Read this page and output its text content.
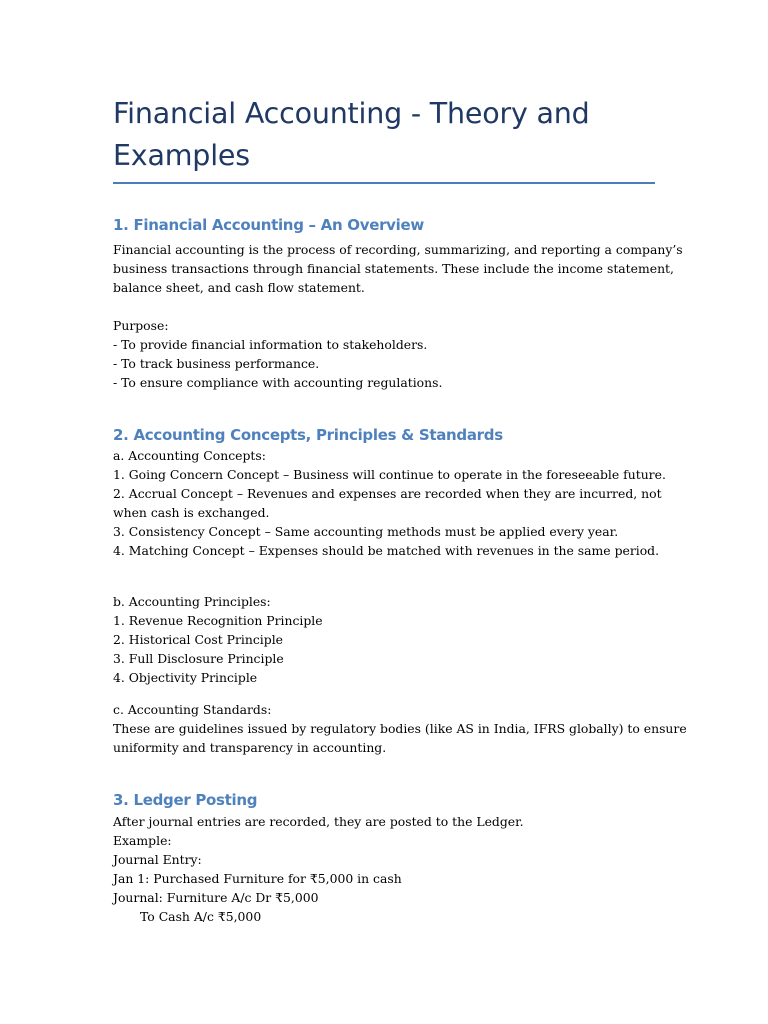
Financial Accounting - Theory and
Examples
1. Financial Accounting – An Overview

Financial accounting is the process of recording, summarizing, and reporting a company’s
business transactions through financial statements. These include the income statement,
balance sheet, and cash flow statement.

Purpose:
- To provide financial information to stakeholders.
- To track business performance.
- To ensure compliance with accounting regulations.

2. Accounting Concepts, Principles & Standards

a. Accounting Concepts:
1. Going Concern Concept – Business will continue to operate in the foreseeable future.
2. Accrual Concept – Revenues and expenses are recorded when they are incurred, not
when cash is exchanged.
3. Consistency Concept – Same accounting methods must be applied every year.
4. Matching Concept – Expenses should be matched with revenues in the same period.

b. Accounting Principles:
1. Revenue Recognition Principle
2. Historical Cost Principle
3. Full Disclosure Principle
4. Objectivity Principle

c. Accounting Standards:
These are guidelines issued by regulatory bodies (like AS in India, IFRS globally) to ensure
uniformity and transparency in accounting.

3. Ledger Posting

After journal entries are recorded, they are posted to the Ledger.
Example:
Journal Entry:
Jan 1: Purchased Furniture for ₹5,000 in cash
Journal: Furniture A/c Dr ₹5,000
To Cash A/c ₹5,000
